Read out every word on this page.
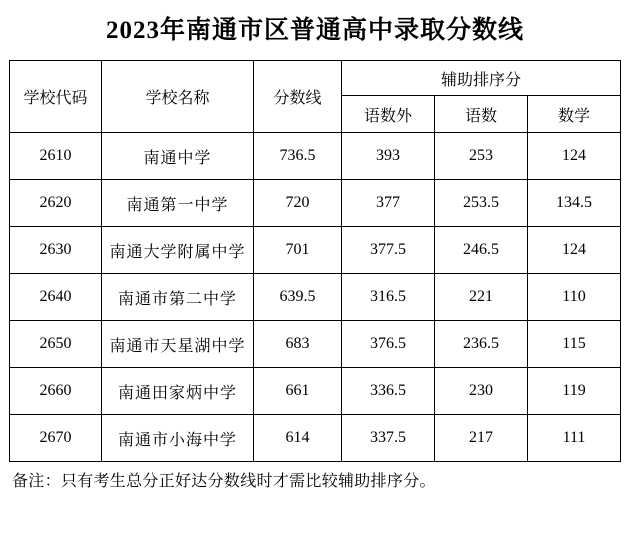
2023年南通市区普通高中录取分数线
学校代码	学校名称	分数线	辅助排序分		
			语数外	语数	数学
2610	南通中学	736.5	393	253	124
2620	南通第一中学	720	377	253.5	134.5
2630	南通大学附属中学	701	377.5	246.5	124
2640	南通市第二中学	639.5	316.5	221	110
2650	南通市天星湖中学	683	376.5	236.5	115
2660	南通田家炳中学	661	336.5	230	119
2670	南通市小海中学	614	337.5	217	111
备注：只有考生总分正好达分数线时才需比较辅助排序分。
